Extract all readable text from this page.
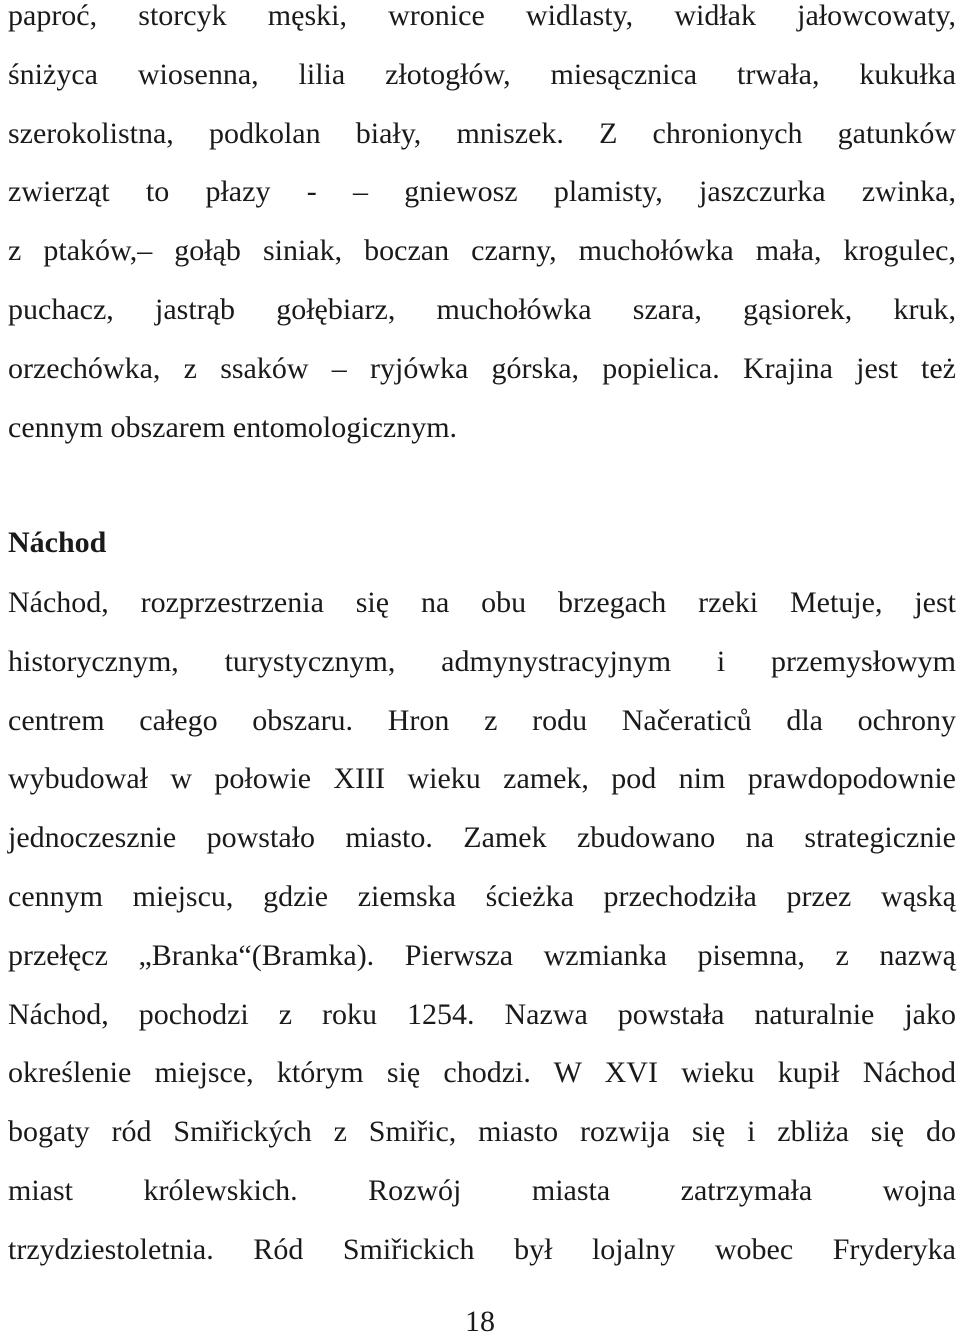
paproć, storcyk męski, wronice widlasty, widłak jałowcowaty,
śniżyca wiosenna, lilia złotogłów, miesącznica trwała, kukułka
szerokolistna, podkolan biały, mniszek. Z chronionych gatunków
zwierząt to płazy - – gniewosz plamisty, jaszczurka zwinka,
z ptaków,– gołąb siniak, boczan czarny, muchołówka mała, krogulec,
puchacz, jastrąb gołębiarz, muchołówka szara, gąsiorek, kruk,
orzechówka, z ssaków – ryjówka górska, popielica. Krajina jest też
cennym obszarem entomologicznym.
Náchod
Náchod, rozprzestrzenia się na obu brzegach rzeki Metuje, jest
historycznym, turystycznym, admynystracyjnym i przemysłowym
centrem całego obszaru. Hron z rodu Načeraticů dla ochrony
wybudował w połowie XIII wieku zamek, pod nim prawdopodownie
jednoczesznie powstało miasto. Zamek zbudowano na strategicznie
cennym miejscu, gdzie ziemska ścieżka przechodziła przez wąską
przełęcz „Branka“(Bramka). Pierwsza wzmianka pisemna, z nazwą
Náchod, pochodzi z roku 1254. Nazwa powstała naturalnie jako
określenie miejsce, którym się chodzi. W XVI wieku kupił Náchod
bogaty ród Smiřických z Smiřic, miasto rozwija się i zbliża się do
miast królewskich. Rozwój miasta zatrzymała wojna
trzydziestoletnia. Ród Smiřickich był lojalny wobec Fryderyka
18
